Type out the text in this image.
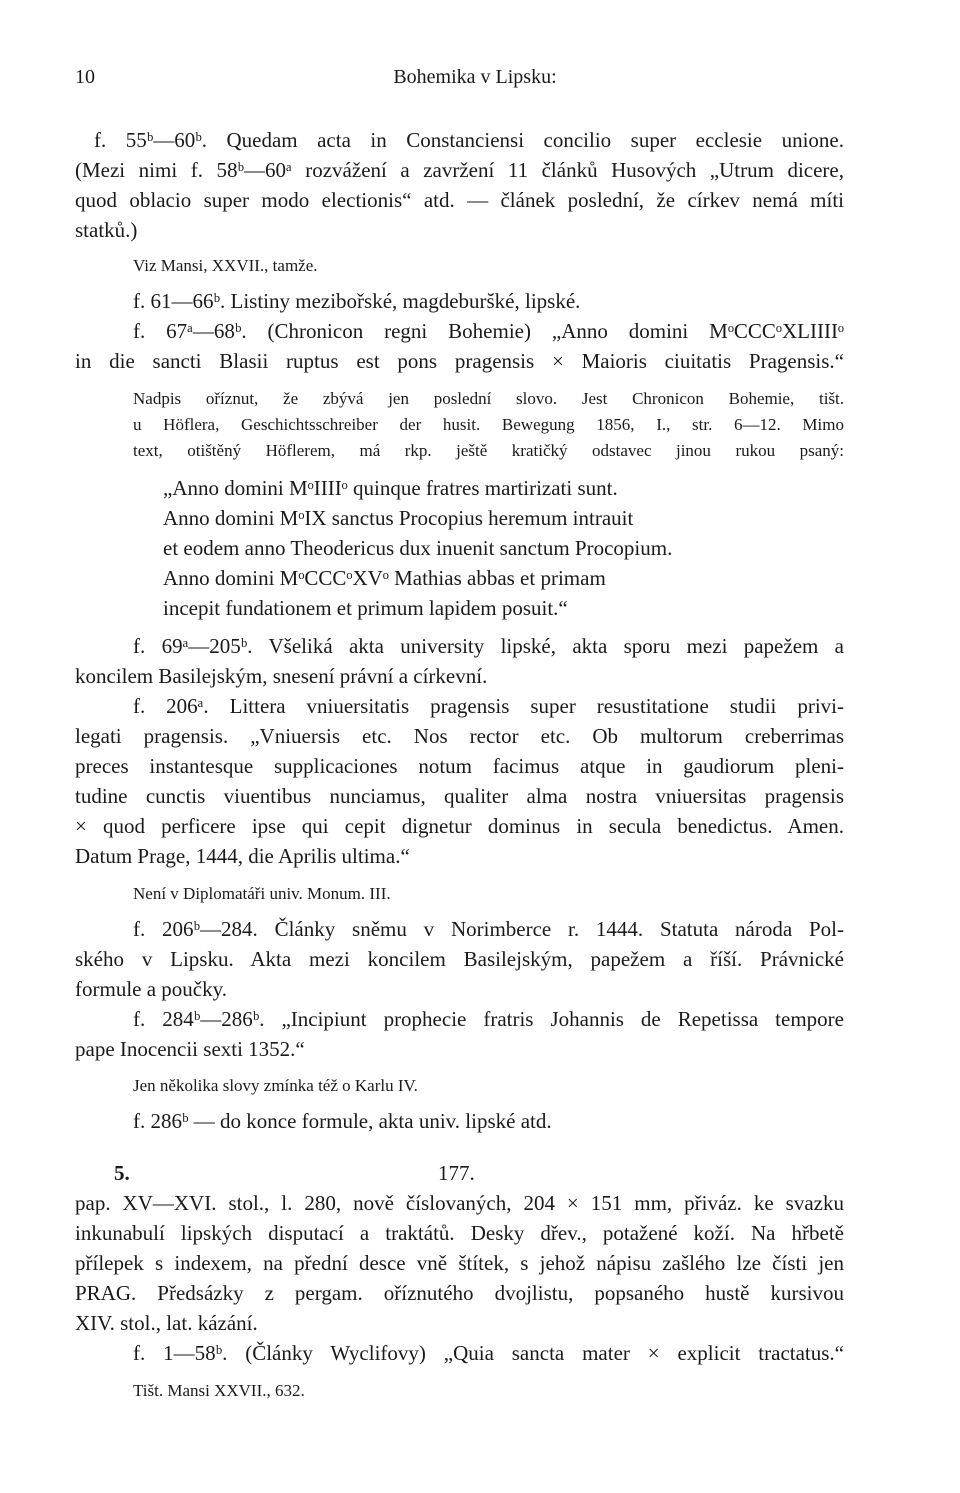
10	Bohemika v Lipsku:
f. 55ᵇ—60ᵇ. Quedam acta in Constanciensi concilio super ecclesie unione.
(Mezi nimi f. 58ᵇ—60ᵃ rozvážení a zavržení 11 článků Husových „Utrum dicere,
quod oblacio super modo electionis“ atd. — článek poslední, že církev nemá míti
statků.)
Viz Mansi, XXVII., tamže.
f. 61—66ᵇ. Listiny mezibořské, magdeburs̆ké, lipské.
f. 67ᵃ—68ᵇ. (Chronicon regni Bohemie) „Anno domini MᵒCCCᵒXLIIIIᵒ
in die sancti Blasii ruptus est pons pragensis × Maioris ciuitatis Pragensis.“
Nadpis oříznut, že zbývá jen poslední slovo. Jest Chronicon Bohemie, tišt.
u Höflera, Geschichtsschreiber der husit. Bewegung 1856, I., str. 6—12. Mimo
text, otištěný Höflerem, má rkp. ještě kratičký odstavec jinou rukou psaný:
„Anno domini MᵒIIIIᵒ quinque fratres martirizati sunt.
Anno domini MᵒIX sanctus Procopius heremum intrauit
et eodem anno Theodericus dux inuenit sanctum Procopium.
Anno domini MᵒCCCᵒXVᵒ Mathias abbas et primam
incepit fundationem et primum lapidem posuit.“
f. 69ᵃ—205ᵇ. Všeliká akta university lipské, akta sporu mezi papežem a
koncilem Basilejským, snesení právní a církevní.
f. 206ᵃ. Littera vniuersitatis pragensis super resustitatione studii privi-
legati pragensis. „Vniuersis etc. Nos rector etc. Ob multorum creberrimas
preces instantesque supplicaciones notum facimus atque in gaudiorum pleni-
tudine cunctis viuentibus nunciamus, qualiter alma nostra vniuersitas pragensis
× quod perficere ipse qui cepit dignetur dominus in secula benedictus. Amen.
Datum Prage, 1444, die Aprilis ultima.“
Není v Diplomatáři univ. Monum. III.
f. 206ᵇ—284. Články sněmu v Norimberce r. 1444. Statuta národa Pol-
ského v Lipsku. Akta mezi koncilem Basilejským, papežem a říší. Právnické
formule a poučky.
f. 284ᵇ—286ᵇ. „Incipiunt prophecie fratris Johannis de Repetissa tempore
pape Inocencii sexti 1352.“
Jen několika slovy zmínka též o Karlu IV.
f. 286ᵇ — do konce formule, akta univ. lipské atd.
5.	177.
pap. XV—XVI. stol., l. 280, nově číslovaných, 204 × 151 mm, přiváz. ke svazku
inkunabulí lipských disputací a traktátů. Desky dřev., potažené koží. Na hřbetě
přílepek s indexem, na přední desce vně štítek, s jehož nápisu zašlého lze čísti jen
PRAG. Předsázky z pergam. oříznutého dvojlistu, popsaného hustě kursivou
XIV. stol., lat. kázání.
f. 1—58ᵇ. (Články Wyclifovy) „Quia sancta mater × explicit tractatus.“
Tišt. Mansi XXVII., 632.
